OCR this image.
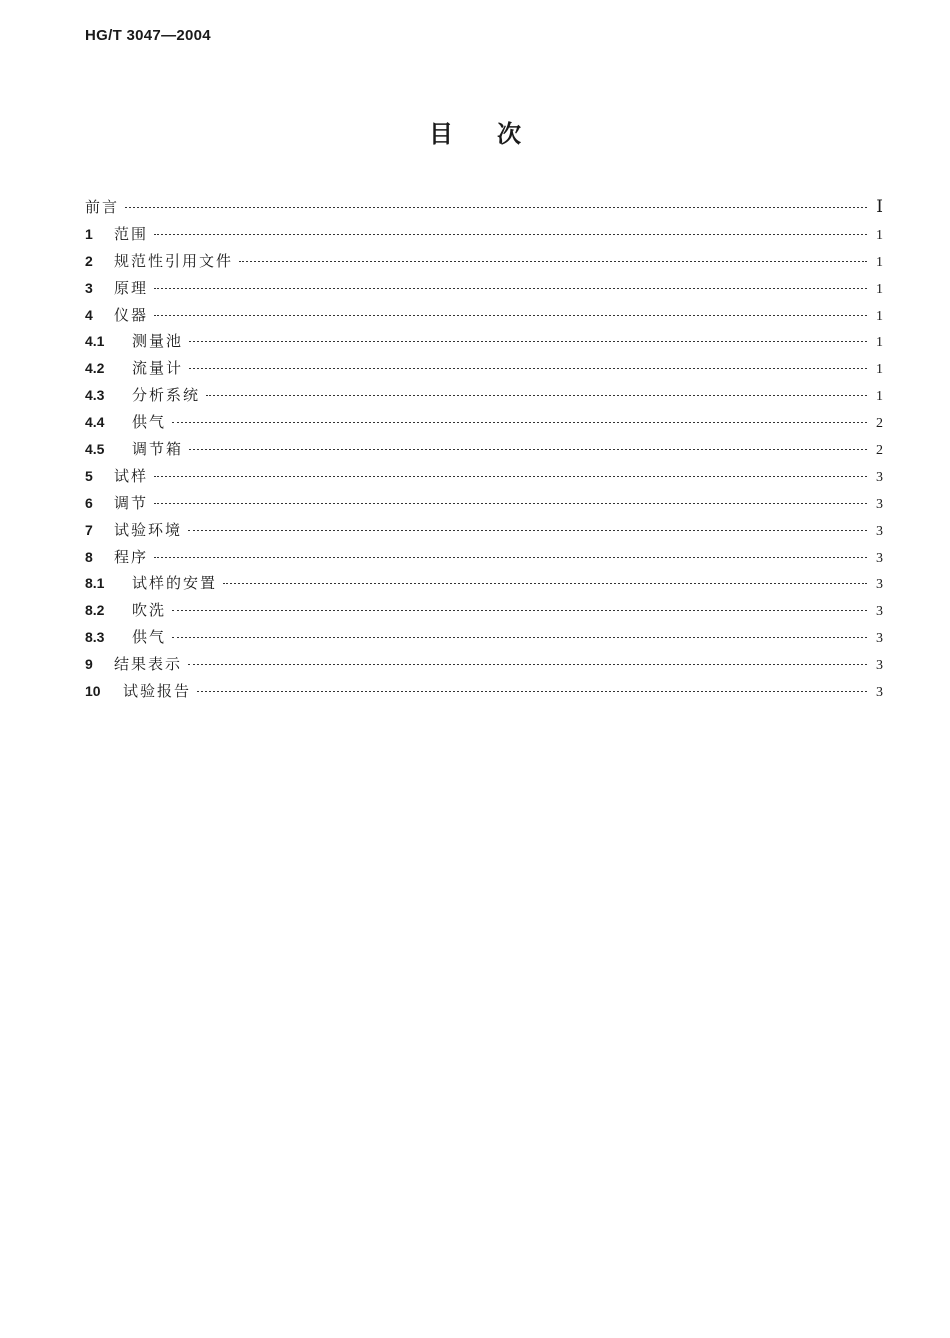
HG/T 3047—2004
目次
前言	Ⅰ
1	范围	1
2	规范性引用文件	1
3	原理	1
4	仪器	1
4.1	测量池	1
4.2	流量计	1
4.3	分析系统	1
4.4	供气	2
4.5	调节箱	2
5	试样	3
6	调节	3
7	试验环境	3
8	程序	3
8.1	试样的安置	3
8.2	吹洗	3
8.3	供气	3
9	结果表示	3
10	试验报告	3
